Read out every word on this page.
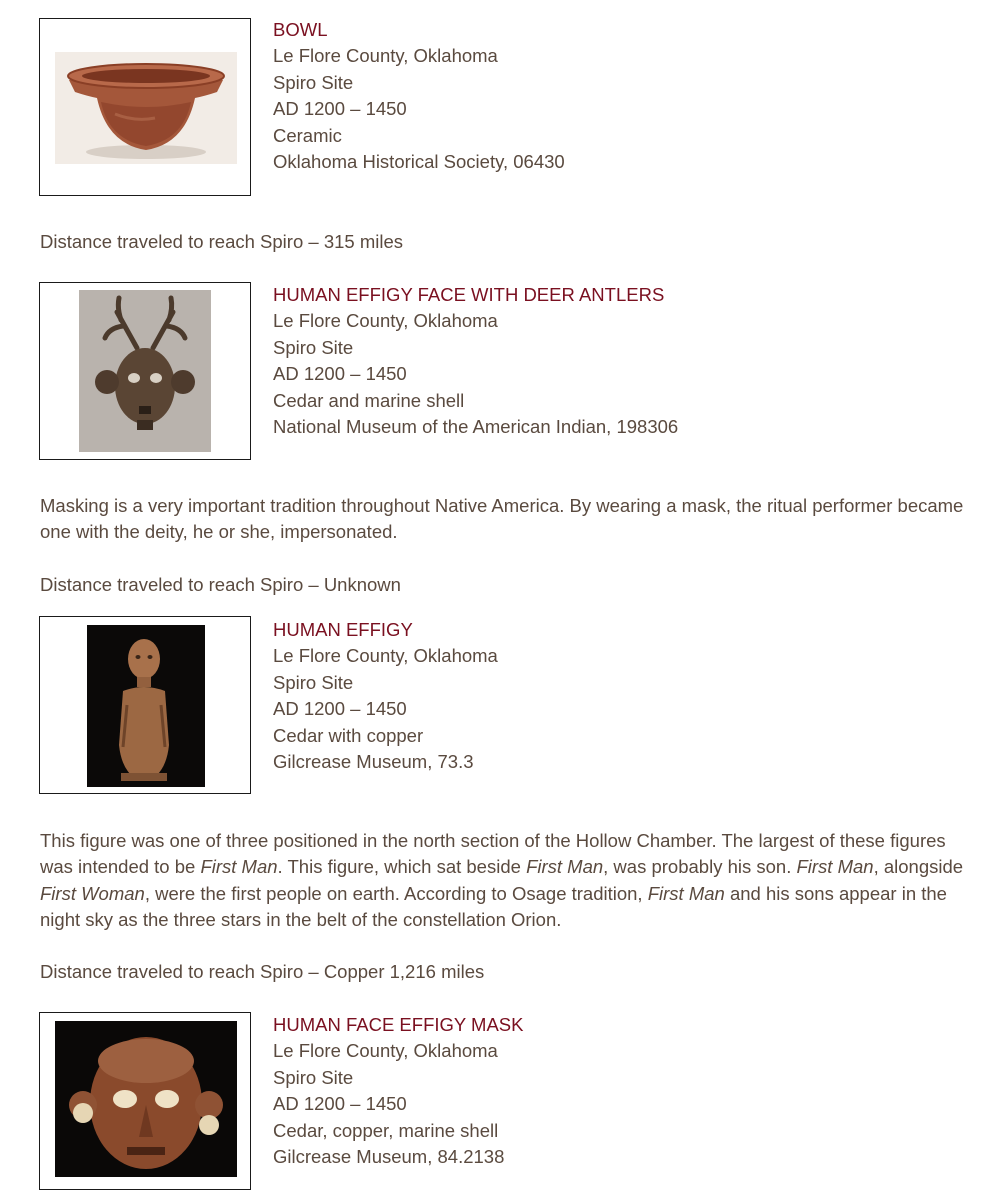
BOWL
Le Flore County, Oklahoma
Spiro Site
AD 1200 – 1450
Ceramic
Oklahoma Historical Society, 06430
Distance traveled to reach Spiro – 315 miles
HUMAN EFFIGY FACE WITH DEER ANTLERS
Le Flore County, Oklahoma
Spiro Site
AD 1200 – 1450
Cedar and marine shell
National Museum of the American Indian, 198306
Masking is a very important tradition throughout Native America. By wearing a mask, the ritual performer became one with the deity, he or she, impersonated.
Distance traveled to reach Spiro – Unknown
HUMAN EFFIGY
Le Flore County, Oklahoma
Spiro Site
AD 1200 – 1450
Cedar with copper
Gilcrease Museum, 73.3
This figure was one of three positioned in the north section of the Hollow Chamber. The largest of these figures was intended to be First Man. This figure, which sat beside First Man, was probably his son. First Man, alongside First Woman, were the first people on earth. According to Osage tradition, First Man and his sons appear in the night sky as the three stars in the belt of the constellation Orion.
Distance traveled to reach Spiro – Copper 1,216 miles
HUMAN FACE EFFIGY MASK
Le Flore County, Oklahoma
Spiro Site
AD 1200 – 1450
Cedar, copper, marine shell
Gilcrease Museum, 84.2138
